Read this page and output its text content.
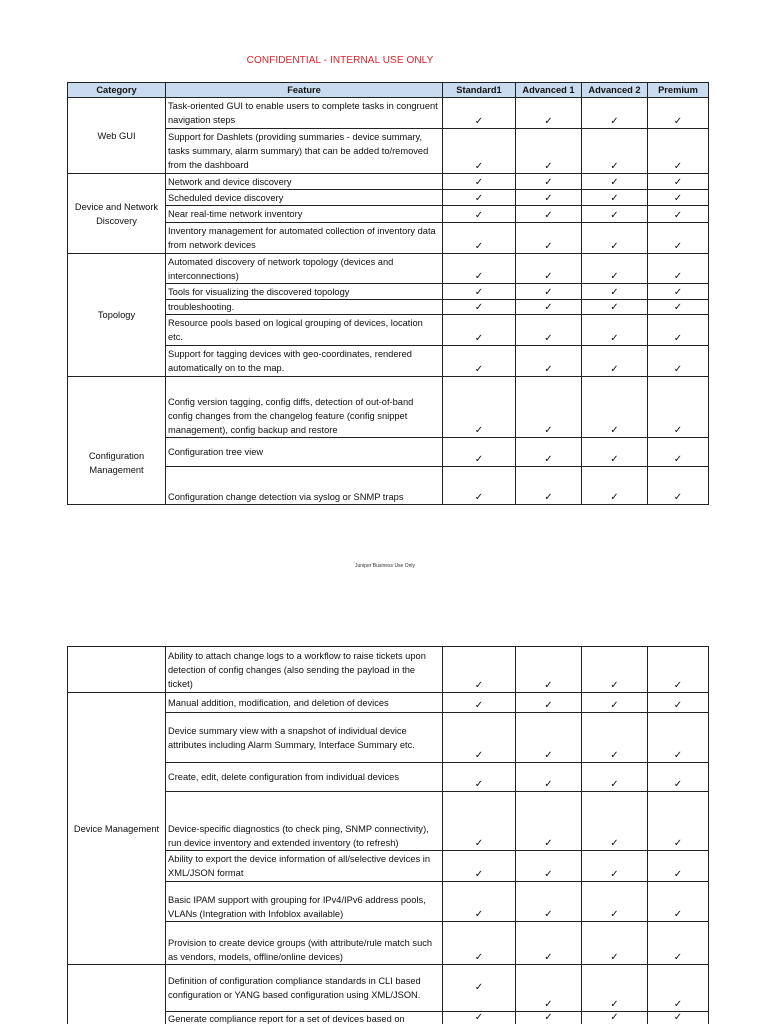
CONFIDENTIAL - INTERNAL USE ONLY
Category	Feature	Standard1	Advanced 1	Advanced 2	Premium
Web GUI	Task-oriented GUI to enable users to complete tasks in congruent navigation steps	✓	✓	✓	✓
	Support for Dashlets (providing summaries - device summary, tasks summary, alarm summary) that can be added to/removed from the dashboard	✓	✓	✓	✓
Device and Network Discovery	Network and device discovery	✓	✓	✓	✓
	Scheduled device discovery	✓	✓	✓	✓
	Near real-time network inventory	✓	✓	✓	✓
	Inventory management for automated collection of inventory data from network devices	✓	✓	✓	✓
Topology	Automated discovery of network topology (devices and interconnections)	✓	✓	✓	✓
	Tools for visualizing the discovered topology	✓	✓	✓	✓
	troubleshooting.	✓	✓	✓	✓
	Resource pools based on logical grouping of devices, location etc.	✓	✓	✓	✓
	Support for tagging devices with geo-coordinates, rendered automatically on to the map.	✓	✓	✓	✓
Configuration Management	Config version tagging, config diffs, detection of out-of-band config changes from the changelog feature (config snippet management), config backup and restore	✓	✓	✓	✓
	Configuration tree view	✓	✓	✓	✓
	Configuration change detection via syslog or SNMP traps	✓	✓	✓	✓
Juniper Business Use Only
	Ability to attach change logs to a workflow to raise tickets upon detection of config changes (also sending the payload in the ticket)	✓	✓	✓	✓
Device Management	Manual addition, modification, and deletion of devices	✓	✓	✓	✓
	Device summary view with a snapshot of individual device attributes including Alarm Summary, Interface Summary etc.	✓	✓	✓	✓
	Create, edit, delete configuration from individual devices	✓	✓	✓	✓
	Device-specific diagnostics (to check ping, SNMP connectivity), run device inventory and extended inventory (to refresh)	✓	✓	✓	✓
	Ability to export the device information of all/selective devices in XML/JSON format	✓	✓	✓	✓
	Basic IPAM support with grouping for IPv4/IPv6 address pools, VLANs (Integration with Infoblox available)	✓	✓	✓	✓
	Provision to create device groups (with attribute/rule match such as vendors, models, offline/online devices)	✓	✓	✓	✓
	Definition of configuration compliance standards in CLI based configuration or YANG based configuration using XML/JSON.	✓	✓	✓	✓
	Generate compliance report for a set of devices based on	✓	✓	✓	✓
